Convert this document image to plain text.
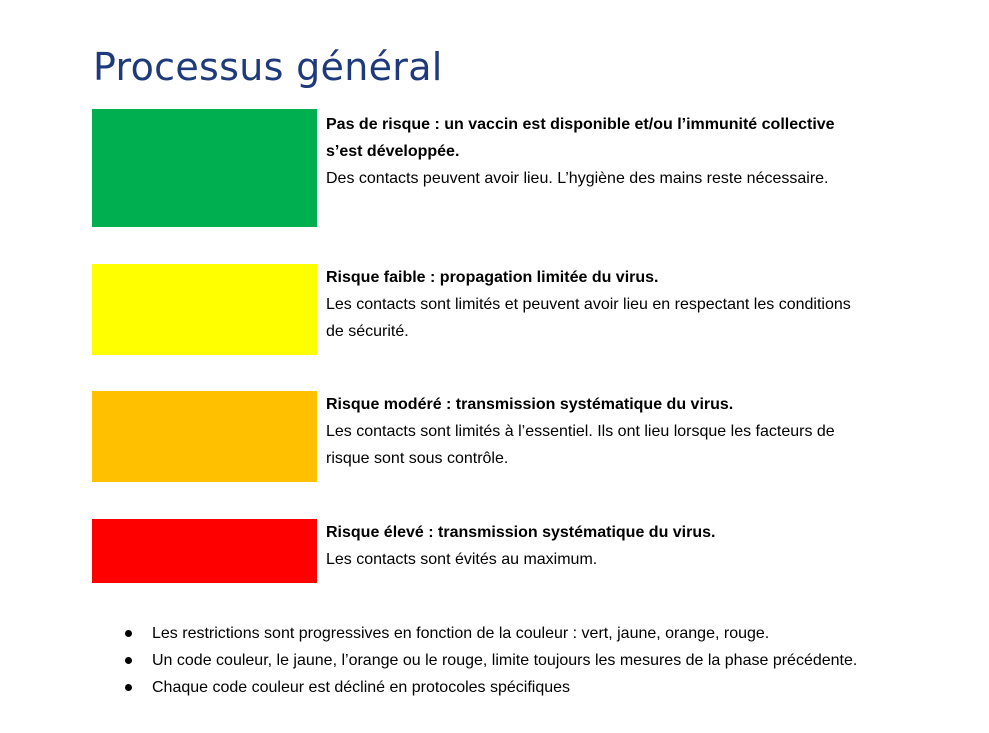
Processus général
Pas de risque : un vaccin est disponible et/ou l’immunité collective s’est développée.
Des contacts peuvent avoir lieu. L’hygiène des mains reste nécessaire.
Risque faible : propagation limitée du virus.
Les contacts sont limités et peuvent avoir lieu en respectant les conditions de sécurité.
Risque modéré : transmission systématique du virus.
Les contacts sont limités à l’essentiel. Ils ont lieu lorsque les facteurs de risque sont sous contrôle.
Risque élevé : transmission systématique du virus.
Les contacts sont évités au maximum.
Les restrictions sont progressives en fonction de la couleur : vert, jaune, orange, rouge.
Un code couleur, le jaune, l’orange ou le rouge, limite toujours les mesures de la phase précédente.
Chaque code couleur est décliné en protocoles spécifiques
